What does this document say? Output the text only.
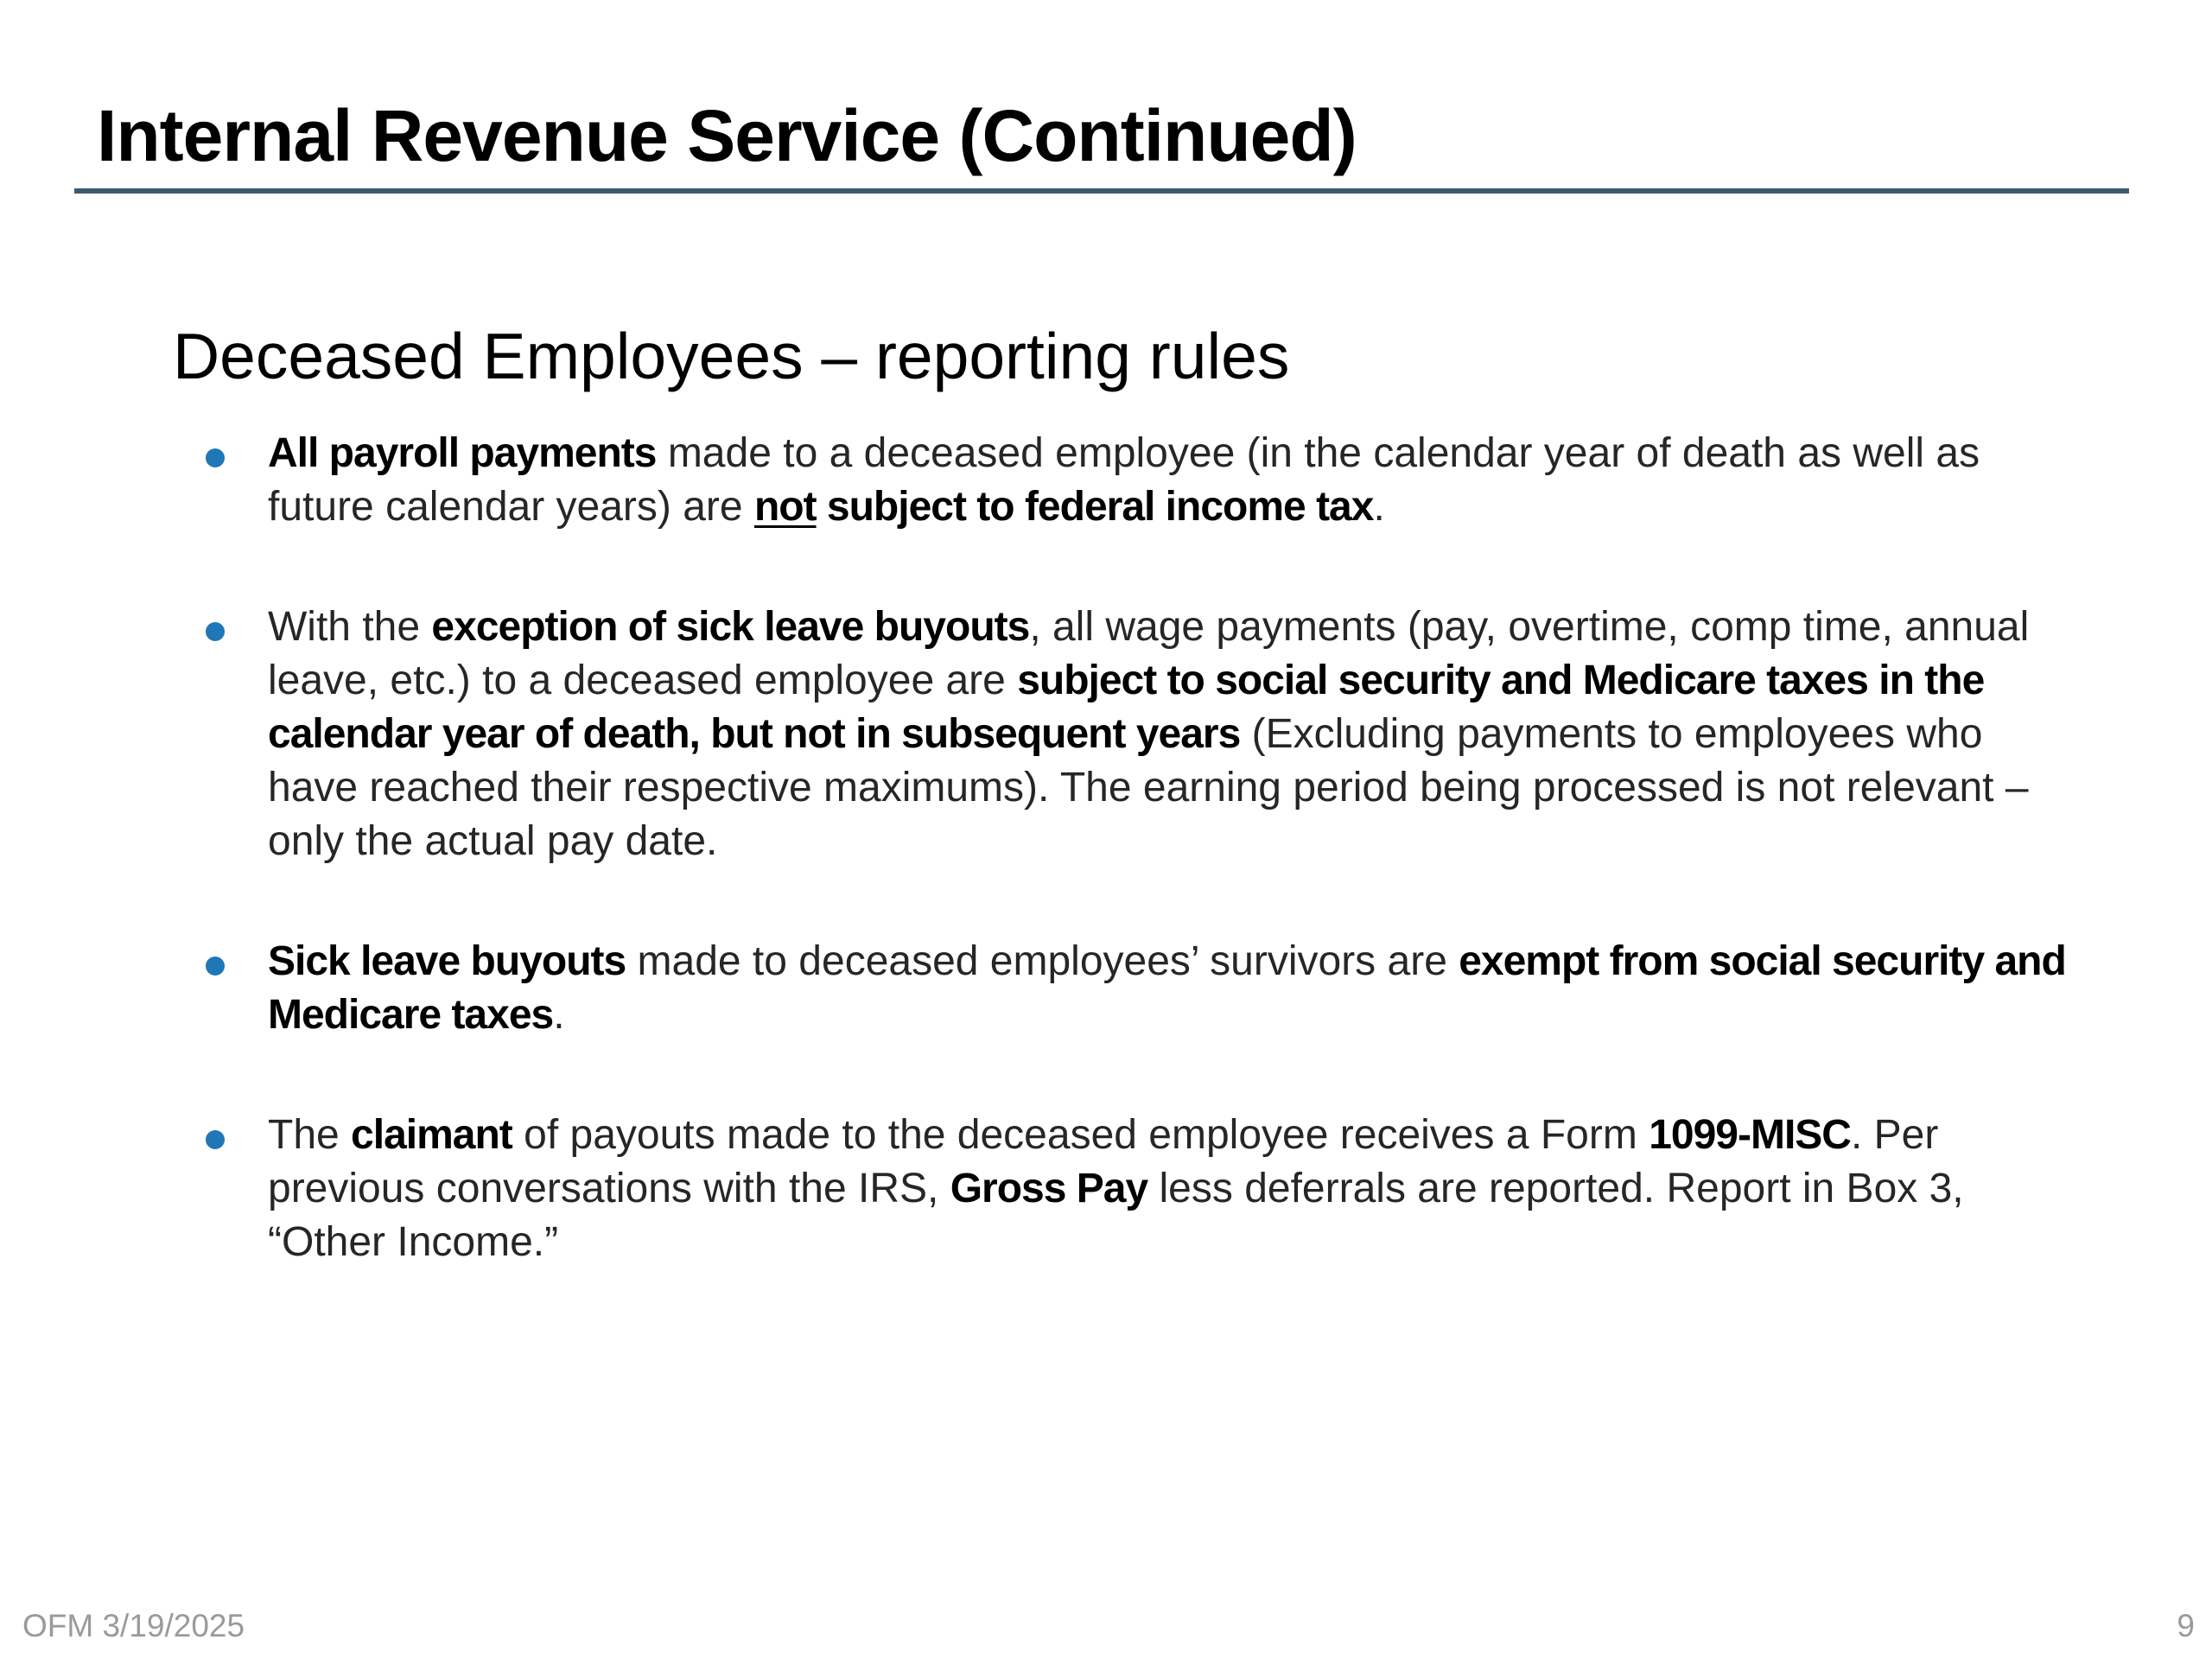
Internal Revenue Service (Continued)
Deceased Employees – reporting rules
All payroll payments made to a deceased employee (in the calendar year of death as well as future calendar years) are not subject to federal income tax.
With the exception of sick leave buyouts, all wage payments (pay, overtime, comp time, annual leave, etc.) to a deceased employee are subject to social security and Medicare taxes in the calendar year of death, but not in subsequent years (Excluding payments to employees who have reached their respective maximums). The earning period being processed is not relevant – only the actual pay date.
Sick leave buyouts made to deceased employees’ survivors are exempt from social security and Medicare taxes.
The claimant of payouts made to the deceased employee receives a Form 1099-MISC. Per previous conversations with the IRS, Gross Pay less deferrals are reported. Report in Box 3, “Other Income.”
OFM 3/19/2025	9
